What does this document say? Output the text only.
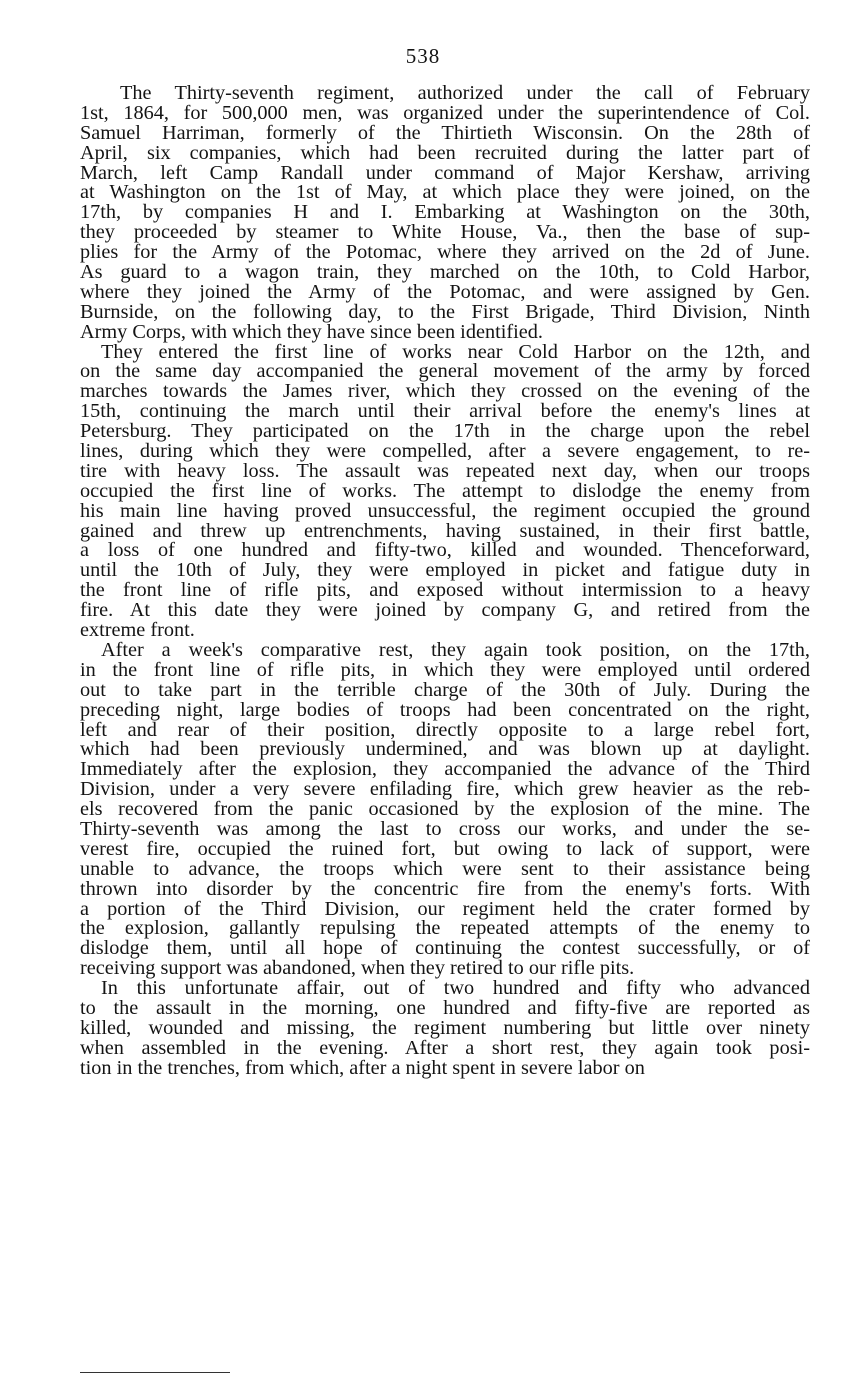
538
The Thirty-seventh regiment, authorized under the call of February
1st, 1864, for 500,000 men, was organized under the superintendence of Col.
Samuel Harriman, formerly of the Thirtieth Wisconsin. On the 28th of
April, six companies, which had been recruited during the latter part of
March, left Camp Randall under command of Major Kershaw, arriving
at Washington on the 1st of May, at which place they were joined, on the
17th, by companies H and I. Embarking at Washington on the 30th,
they proceeded by steamer to White House, Va., then the base of sup-
plies for the Army of the Potomac, where they arrived on the 2d of June.
As guard to a wagon train, they marched on the 10th, to Cold Harbor,
where they joined the Army of the Potomac, and were assigned by Gen.
Burnside, on the following day, to the First Brigade, Third Division, Ninth
Army Corps, with which they have since been identified.
They entered the first line of works near Cold Harbor on the 12th, and
on the same day accompanied the general movement of the army by forced
marches towards the James river, which they crossed on the evening of the
15th, continuing the march until their arrival before the enemy's lines at
Petersburg. They participated on the 17th in the charge upon the rebel
lines, during which they were compelled, after a severe engagement, to re-
tire with heavy loss. The assault was repeated next day, when our troops
occupied the first line of works. The attempt to dislodge the enemy from
his main line having proved unsuccessful, the regiment occupied the ground
gained and threw up entrenchments, having sustained, in their first battle,
a loss of one hundred and fifty-two, killed and wounded. Thenceforward,
until the 10th of July, they were employed in picket and fatigue duty in
the front line of rifle pits, and exposed without intermission to a heavy
fire. At this date they were joined by company G, and retired from the
extreme front.
After a week's comparative rest, they again took position, on the 17th,
in the front line of rifle pits, in which they were employed until ordered
out to take part in the terrible charge of the 30th of July. During the
preceding night, large bodies of troops had been concentrated on the right,
left and rear of their position, directly opposite to a large rebel fort,
which had been previously undermined, and was blown up at daylight.
Immediately after the explosion, they accompanied the advance of the Third
Division, under a very severe enfilading fire, which grew heavier as the reb-
els recovered from the panic occasioned by the explosion of the mine. The
Thirty-seventh was among the last to cross our works, and under the se-
verest fire, occupied the ruined fort, but owing to lack of support, were
unable to advance, the troops which were sent to their assistance being
thrown into disorder by the concentric fire from the enemy's forts. With
a portion of the Third Division, our regiment held the crater formed by
the explosion, gallantly repulsing the repeated attempts of the enemy to
dislodge them, until all hope of continuing the contest successfully, or of
receiving support was abandoned, when they retired to our rifle pits.
In this unfortunate affair, out of two hundred and fifty who advanced
to the assault in the morning, one hundred and fifty-five are reported as
killed, wounded and missing, the regiment numbering but little over ninety
when assembled in the evening. After a short rest, they again took posi-
tion in the trenches, from which, after a night spent in severe labor on
